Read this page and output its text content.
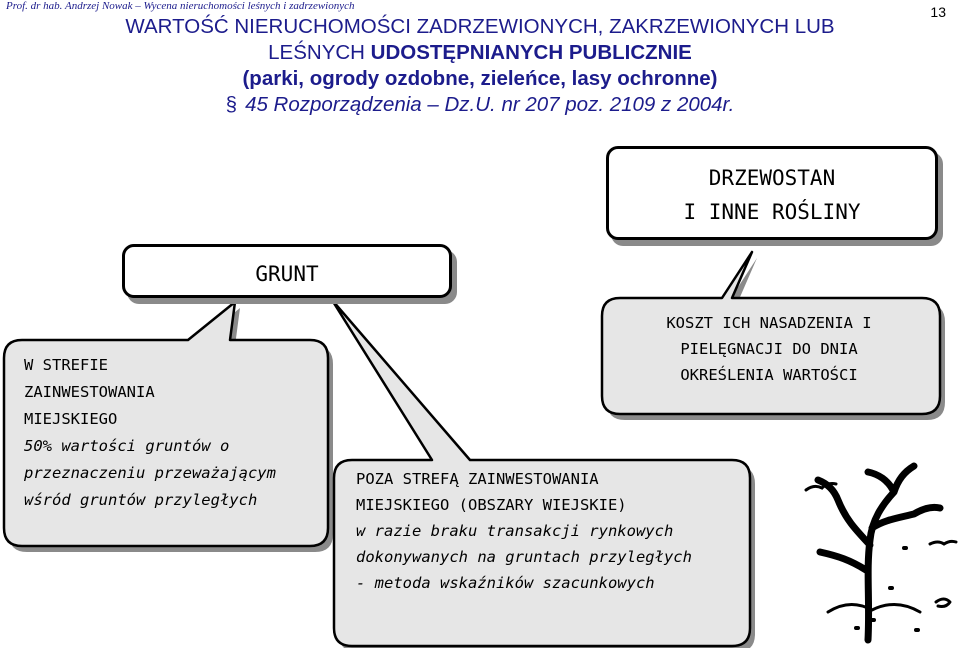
Prof. dr hab. Andrzej Nowak – Wycena nieruchomości leśnych i zadrzewionych	13
WARTOŚĆ NIERUCHOMOŚCI ZADRZEWIONYCH, ZAKRZEWIONYCH LUB
LEŚNYCH UDOSTĘPNIANYCH PUBLICZNIE
(parki, ogrody ozdobne, zieleńce, lasy ochronne)
§ 45 Rozporządzenia – Dz.U. nr 207 poz. 2109 z 2004r.
GRUNT
DRZEWOSTAN
I INNE ROŚLINY
W STREFIE
ZAINWESTOWANIA
MIEJSKIEGO
50% wartości gruntów o
przeznaczeniu przeważającym
wśród gruntów przyległych
KOSZT ICH NASADZENIA I
PIELĘGNACJI DO DNIA
OKREŚLENIA WARTOŚCI
POZA STREFĄ ZAINWESTOWANIA
MIEJSKIEGO (OBSZARY WIEJSKIE)
w razie braku transakcji rynkowych
dokonywanych na gruntach przyległych
- metoda wskaźników szacunkowych
